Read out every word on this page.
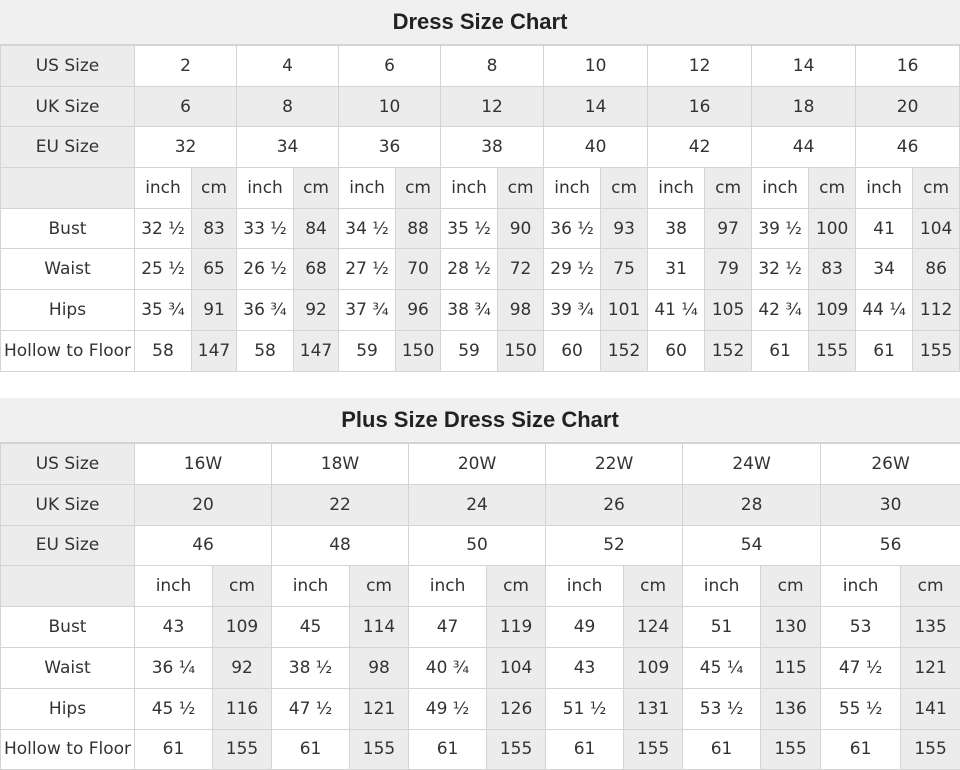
Dress Size Chart
US Size	2		4		6		8		10		12		14		16	
UK Size	6		8		10		12		14		16		18		20	
EU Size	32		34		36		38		40		42		44		46	
	inch	cm	inch	cm	inch	cm	inch	cm	inch	cm	inch	cm	inch	cm	inch	cm
Bust	32 ½	83	33 ½	84	34 ½	88	35 ½	90	36 ½	93	38	97	39 ½	100	41	104
Waist	25 ½	65	26 ½	68	27 ½	70	28 ½	72	29 ½	75	31	79	32 ½	83	34	86
Hips	35 ¾	91	36 ¾	92	37 ¾	96	38 ¾	98	39 ¾	101	41 ¼	105	42 ¾	109	44 ¼	112
Hollow to Floor	58	147	58	147	59	150	59	150	60	152	60	152	61	155	61	155
Plus Size Dress Size Chart
US Size	16W		18W		20W		22W		24W		26W	
UK Size	20		22		24		26		28		30	
EU Size	46		48		50		52		54		56	
	inch	cm	inch	cm	inch	cm	inch	cm	inch	cm	inch	cm
Bust	43	109	45	114	47	119	49	124	51	130	53	135
Waist	36 ¼	92	38 ½	98	40 ¾	104	43	109	45 ¼	115	47 ½	121
Hips	45 ½	116	47 ½	121	49 ½	126	51 ½	131	53 ½	136	55 ½	141
Hollow to Floor	61	155	61	155	61	155	61	155	61	155	61	155
